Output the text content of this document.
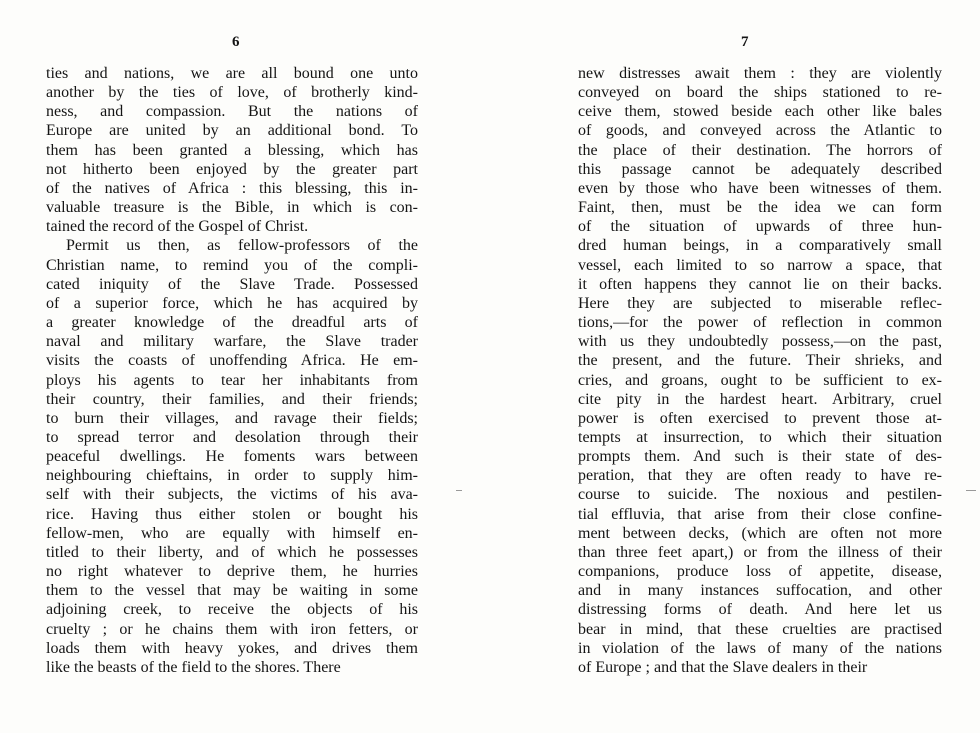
6
ties and nations, we are all bound one unto
another by the ties of love, of brotherly kind-
ness, and compassion. But the nations of
Europe are united by an additional bond. To
them has been granted a blessing, which has
not hitherto been enjoyed by the greater part
of the natives of Africa : this blessing, this in-
valuable treasure is the Bible, in which is con-
tained the record of the Gospel of Christ.
Permit us then, as fellow-professors of the
Christian name, to remind you of the compli-
cated iniquity of the Slave Trade. Possessed
of a superior force, which he has acquired by
a greater knowledge of the dreadful arts of
naval and military warfare, the Slave trader
visits the coasts of unoffending Africa. He em-
ploys his agents to tear her inhabitants from
their country, their families, and their friends;
to burn their villages, and ravage their fields;
to spread terror and desolation through their
peaceful dwellings. He foments wars between
neighbouring chieftains, in order to supply him-
self with their subjects, the victims of his ava-
rice. Having thus either stolen or bought his
fellow-men, who are equally with himself en-
titled to their liberty, and of which he possesses
no right whatever to deprive them, he hurries
them to the vessel that may be waiting in some
adjoining creek, to receive the objects of his
cruelty ; or he chains them with iron fetters, or
loads them with heavy yokes, and drives them
like the beasts of the field to the shores. There
7
new distresses await them : they are violently
conveyed on board the ships stationed to re-
ceive them, stowed beside each other like bales
of goods, and conveyed across the Atlantic to
the place of their destination. The horrors of
this passage cannot be adequately described
even by those who have been witnesses of them.
Faint, then, must be the idea we can form
of the situation of upwards of three hun-
dred human beings, in a comparatively small
vessel, each limited to so narrow a space, that
it often happens they cannot lie on their backs.
Here they are subjected to miserable reflec-
tions,—for the power of reflection in common
with us they undoubtedly possess,—on the past,
the present, and the future. Their shrieks, and
cries, and groans, ought to be sufficient to ex-
cite pity in the hardest heart. Arbitrary, cruel
power is often exercised to prevent those at-
tempts at insurrection, to which their situation
prompts them. And such is their state of des-
peration, that they are often ready to have re-
course to suicide. The noxious and pestilen-
tial effluvia, that arise from their close confine-
ment between decks, (which are often not more
than three feet apart,) or from the illness of their
companions, produce loss of appetite, disease,
and in many instances suffocation, and other
distressing forms of death. And here let us
bear in mind, that these cruelties are practised
in violation of the laws of many of the nations
of Europe ; and that the Slave dealers in their
